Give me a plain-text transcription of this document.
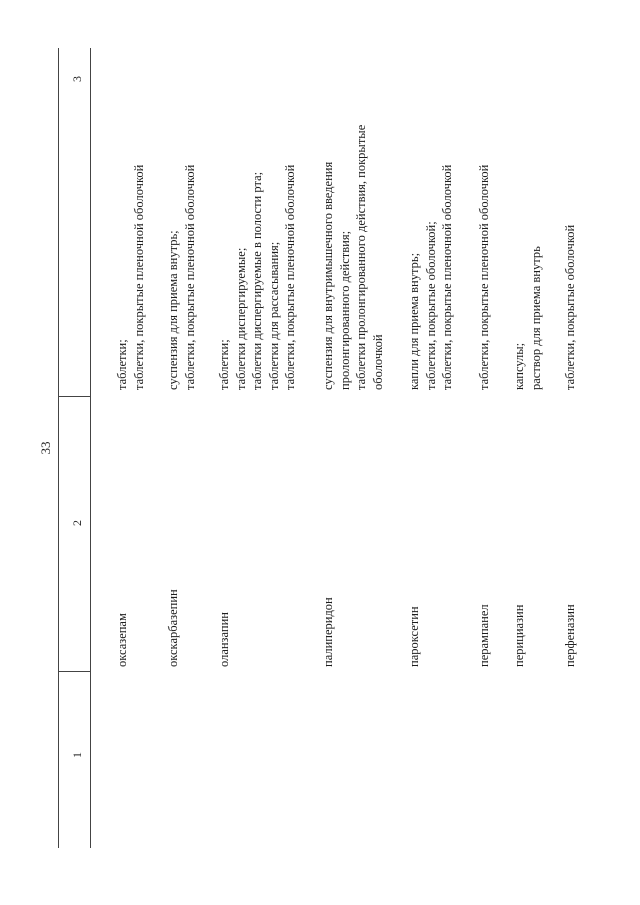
33
1
2
3
оксазепам
таблетки; таблетки, покрытые пленочной оболочкой
окскарбазепин
суспензия для приема внутрь; таблетки, покрытые пленочной оболочкой
оланзапин
таблетки; таблетки диспергируемые; таблетки диспергируемые в полости рта; таблетки для рассасывания; таблетки, покрытые пленочной оболочкой
палиперидон
суспензия для внутримышечного введения пролонгированного действия; таблетки пролонгированного действия, покрытые оболочкой
пароксетин
капли для приема внутрь; таблетки, покрытые оболочкой; таблетки, покрытые пленочной оболочкой
перампанел
таблетки, покрытые пленочной оболочкой
перициазин
капсулы; раствор для приема внутрь
перфеназин
таблетки, покрытые оболочкой
